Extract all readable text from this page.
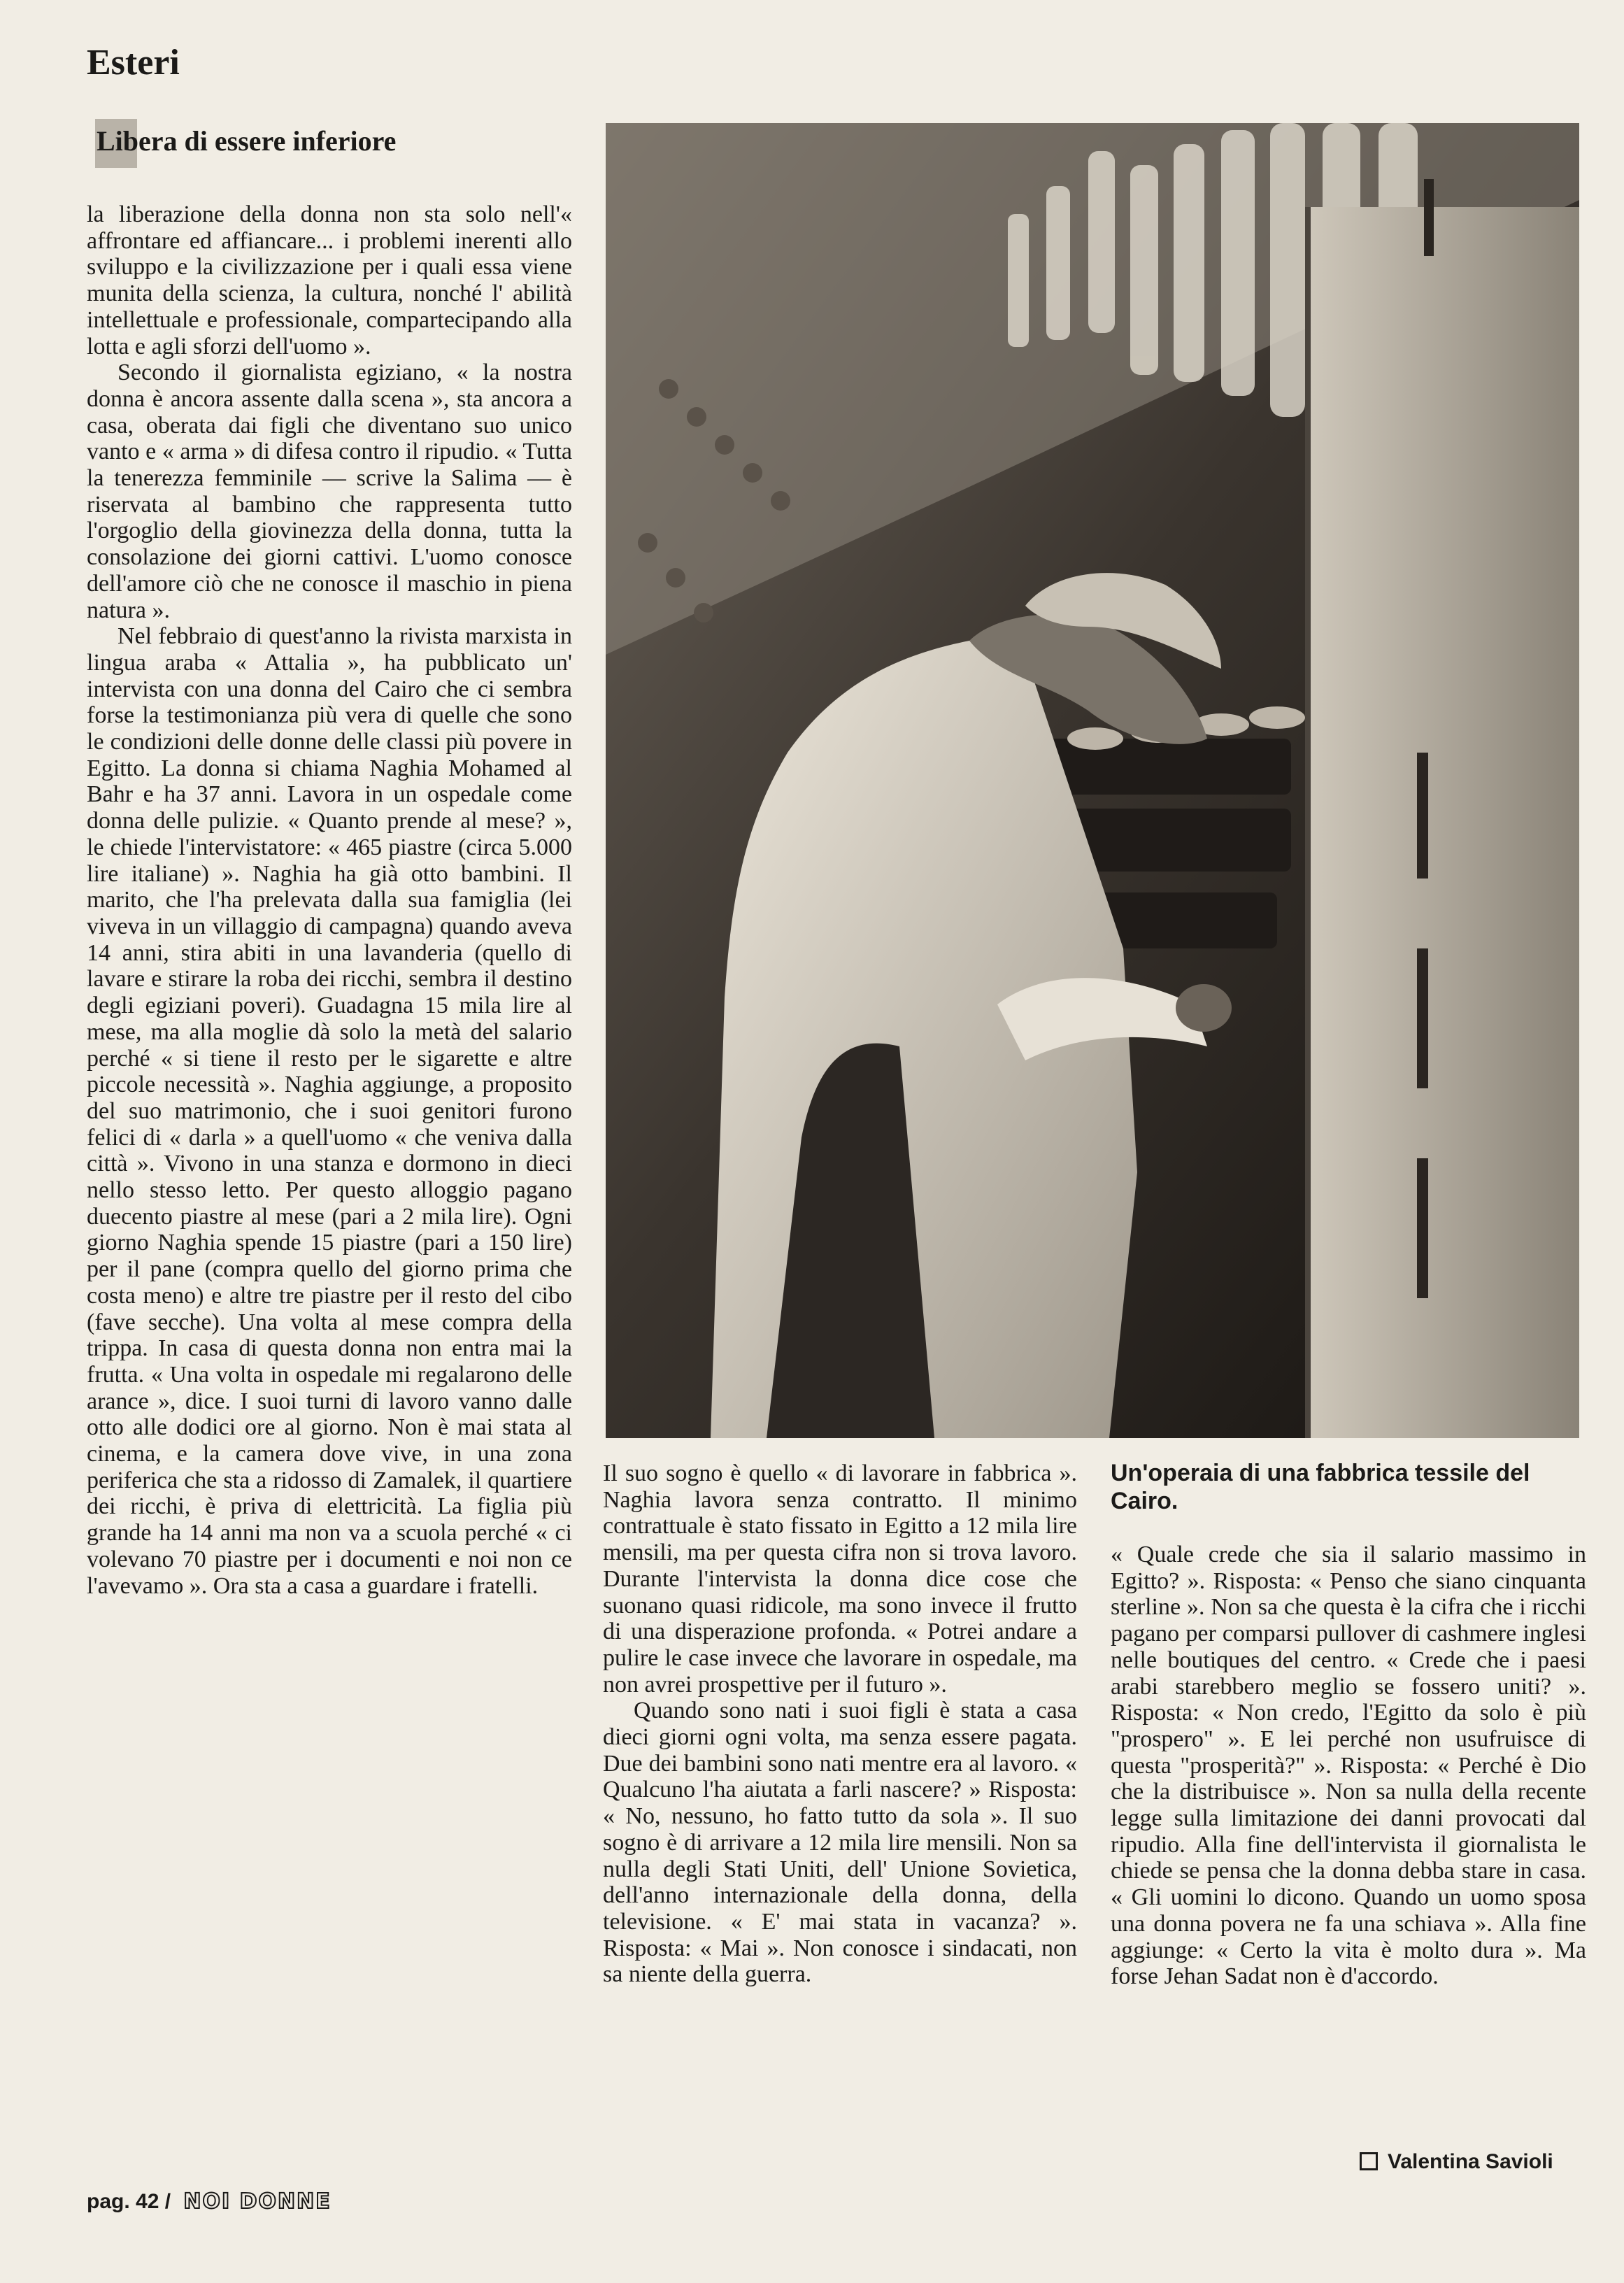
Esteri
Libera di essere inferiore

la liberazione della donna non sta solo nell'« affrontare ed affiancare... i problemi inerenti allo sviluppo e la civilizzazione per i quali essa viene munita della scienza, la cultura, nonché l' abilità intellettuale e professionale, compartecipando alla lotta e agli sforzi dell'uomo ».

Secondo il giornalista egiziano, « la nostra donna è ancora assente dalla scena », sta ancora a casa, oberata dai figli che diventano suo unico vanto e « arma » di difesa contro il ripudio. « Tutta la tenerezza femminile — scrive la Salima — è riservata al bambino che rappresenta tutto l'orgoglio della giovinezza della donna, tutta la consolazione dei giorni cattivi. L'uomo conosce dell'amore ciò che ne conosce il maschio in piena natura ».

Nel febbraio di quest'anno la rivista marxista in lingua araba « Attalia », ha pubblicato un' intervista con una donna del Cairo che ci sembra forse la testimonianza più vera di quelle che sono le condizioni delle donne delle classi più povere in Egitto. La donna si chiama Naghia Mohamed al Bahr e ha 37 anni. Lavora in un ospedale come donna delle pulizie. « Quanto prende al mese? », le chiede l'intervistatore: « 465 piastre (circa 5.000 lire italiane) ». Naghia ha già otto bambini. Il marito, che l'ha prelevata dalla sua famiglia (lei viveva in un villaggio di campagna) quando aveva 14 anni, stira abiti in una lavanderia (quello di lavare e stirare la roba dei ricchi, sembra il destino degli egiziani poveri). Guadagna 15 mila lire al mese, ma alla moglie dà solo la metà del salario perché « si tiene il resto per le sigarette e altre piccole necessità ». Naghia aggiunge, a proposito del suo matrimonio, che i suoi genitori furono felici di « darla » a quell'uomo « che veniva dalla città ». Vivono in una stanza e dormono in dieci nello stesso letto. Per questo alloggio pagano duecento piastre al mese (pari a 2 mila lire). Ogni giorno Naghia spende 15 piastre (pari a 150 lire) per il pane (compra quello del giorno prima che costa meno) e altre tre piastre per il resto del cibo (fave secche). Una volta al mese compra della trippa. In casa di questa donna non entra mai la frutta. « Una volta in ospedale mi regalarono delle arance », dice. I suoi turni di lavoro vanno dalle otto alle dodici ore al giorno. Non è mai stata al cinema, e la camera dove vive, in una zona periferica che sta a ridosso di Zamalek, il quartiere dei ricchi, è priva di elettricità. La figlia più grande ha 14 anni ma non va a scuola perché « ci volevano 70 piastre per i documenti e noi non ce l'avevamo ». Ora sta a casa a guardare i fratelli.

Il suo sogno è quello « di lavorare in fabbrica ». Naghia lavora senza contratto. Il minimo contrattuale è stato fissato in Egitto a 12 mila lire mensili, ma per questa cifra non si trova lavoro. Durante l'intervista la donna dice cose che suonano quasi ridicole, ma sono invece il frutto di una disperazione profonda. « Potrei andare a pulire le case invece che lavorare in ospedale, ma non avrei prospettive per il futuro ».

Quando sono nati i suoi figli è stata a casa dieci giorni ogni volta, ma senza essere pagata. Due dei bambini sono nati mentre era al lavoro. « Qualcuno l'ha aiutata a farli nascere? » Risposta: « No, nessuno, ho fatto tutto da sola ». Il suo sogno è di arrivare a 12 mila lire mensili. Non sa nulla degli Stati Uniti, dell' Unione Sovietica, dell'anno internazionale della donna, della televisione. « E' mai stata in vacanza? ». Risposta: « Mai ». Non conosce i sindacati, non sa niente della guerra.

Un'operaia di una fabbrica tessile del Cairo.

« Quale crede che sia il salario massimo in Egitto? ». Risposta: « Penso che siano cinquanta sterline ». Non sa che questa è la cifra che i ricchi pagano per comparsi pullover di cashmere inglesi nelle boutiques del centro. « Crede che i paesi arabi starebbero meglio se fossero uniti? ». Risposta: « Non credo, l'Egitto da solo è più "prospero" ». E lei perché non usufruisce di questa "prosperità?" ». Risposta: « Perché è Dio che la distribuisce ». Non sa nulla della recente legge sulla limitazione dei danni provocati dal ripudio. Alla fine dell'intervista il giornalista le chiede se pensa che la donna debba stare in casa. « Gli uomini lo dicono. Quando un uomo sposa una donna povera ne fa una schiava ». Alla fine aggiunge: « Certo la vita è molto dura ». Ma forse Jehan Sadat non è d'accordo.

Valentina Savioli
pag. 42 / NOI DONNE
